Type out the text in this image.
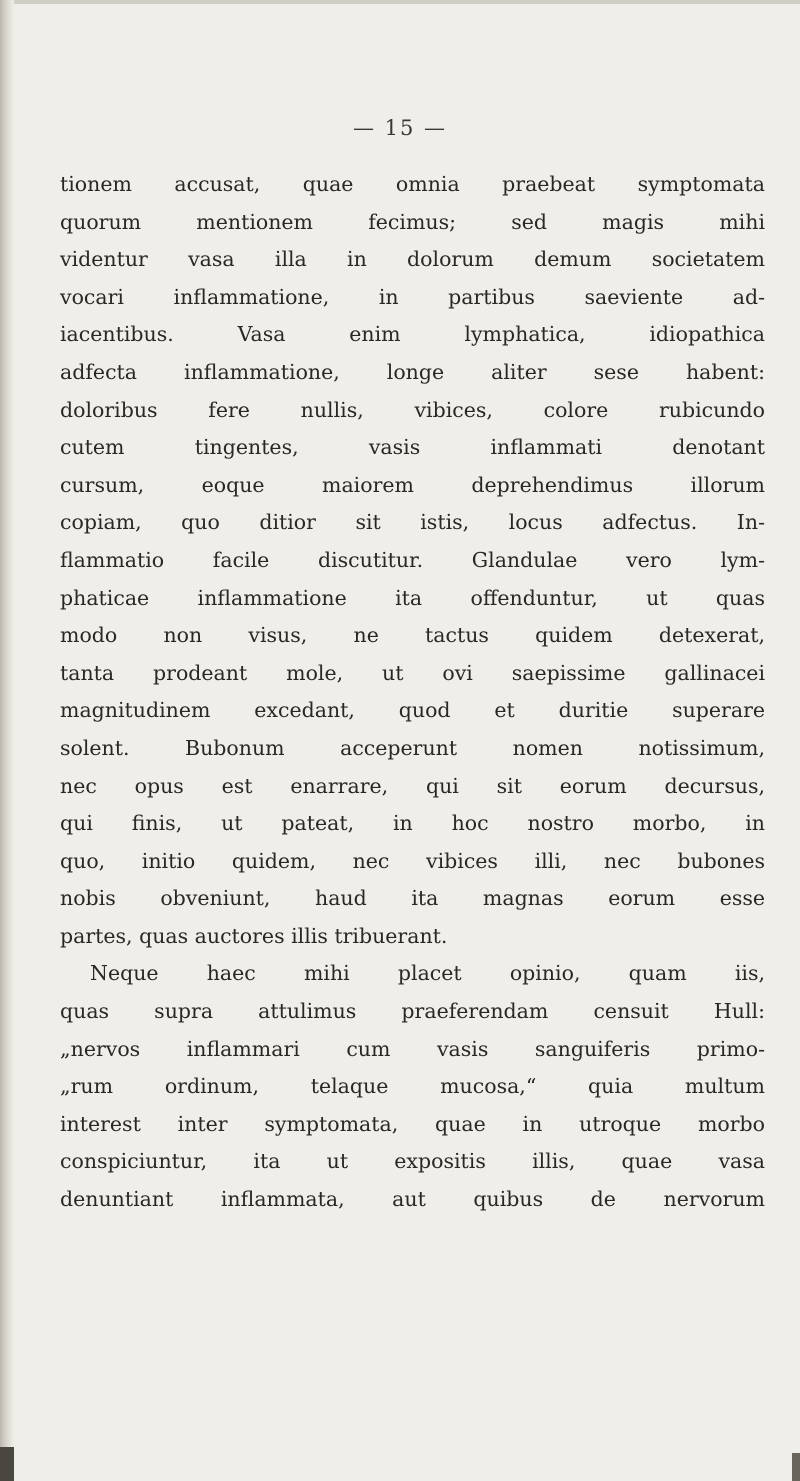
— 15 —
tionem accusat, quae omnia praebeat symptomata
quorum mentionem fecimus; sed magis mihi
videntur vasa illa in dolorum demum societatem
vocari inflammatione, in partibus saeviente ad-
iacentibus. Vasa enim lymphatica, idiopathica
adfecta inflammatione, longe aliter sese habent:
doloribus fere nullis, vibices, colore rubicundo
cutem tingentes, vasis inflammati denotant
cursum, eoque maiorem deprehendimus illorum
copiam, quo ditior sit istis, locus adfectus. In-
flammatio facile discutitur. Glandulae vero lym-
phaticae inflammatione ita offenduntur, ut quas
modo non visus, ne tactus quidem detexerat,
tanta prodeant mole, ut ovi saepissime gallinacei
magnitudinem excedant, quod et duritie superare
solent. Bubonum acceperunt nomen notissimum,
nec opus est enarrare, qui sit eorum decursus,
qui finis, ut pateat, in hoc nostro morbo, in
quo, initio quidem, nec vibices illi, nec bubones
nobis obveniunt, haud ita magnas eorum esse
partes, quas auctores illis tribuerant.
Neque haec mihi placet opinio, quam iis,
quas supra attulimus praeferendam censuit Hull:
„nervos inflammari cum vasis sanguiferis primo-
„rum ordinum, telaque mucosa,“ quia multum
interest inter symptomata, quae in utroque morbo
conspiciuntur, ita ut expositis illis, quae vasa
denuntiant inflammata, aut quibus de nervorum
